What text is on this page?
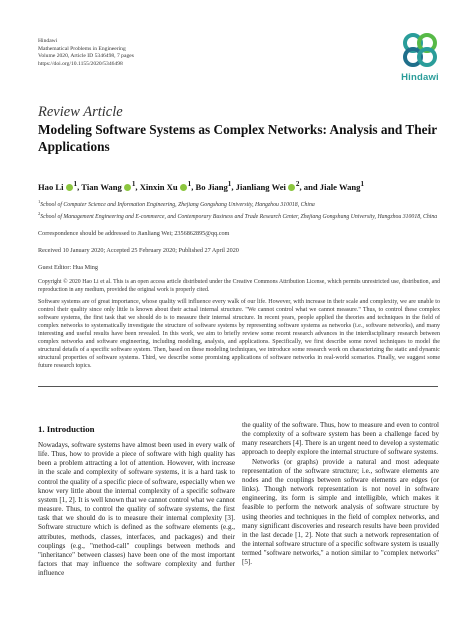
Hindawi
Mathematical Problems in Engineering
Volume 2020, Article ID 5346498, 7 pages
https://doi.org/10.1155/2020/5346498
Hindawi
Review Article
Modeling Software Systems as Complex Networks: Analysis and Their Applications
Hao Li $^1$, Tian Wang $^1$, Xinxin Xu $^1$, Bo Jiang$^1$, Jianliang Wei $^2$, and Jiale Wang$^1$
$^1$School of Computer Science and Information Engineering, Zhejiang Gongshang University, Hangzhou 310018, China
$^2$School of Management Engineering and E-commerce, and Contemporary Business and Trade Research Center, Zhejiang Gongshang University, Hangzhou 310018, China
Correspondence should be addressed to Jianliang Wei; 2356862895@qq.com
Received 10 January 2020; Accepted 25 February 2020; Published 27 April 2020
Guest Editor: Hua Ming
Copyright © 2020 Hao Li et al. This is an open access article distributed under the Creative Commons Attribution License, which permits unrestricted use, distribution, and reproduction in any medium, provided the original work is properly cited.
Software systems are of great importance, whose quality will influence every walk of our life. However, with increase in their scale and complexity, we are unable to control their quality since only little is known about their actual internal structure. "We cannot control what we cannot measure." Thus, to control these complex software systems, the first task that we should do is to measure their internal structure. In recent years, people applied the theories and techniques in the field of complex networks to systematically investigate the structure of software systems by representing software systems as networks (i.e., software networks), and many interesting and useful results have been revealed. In this work, we aim to briefly review some recent research advances in the interdisciplinary research between complex networks and software engineering, including modeling, analysis, and applications. Specifically, we first describe some novel techniques to model the structural details of a specific software system. Then, based on these modeling techniques, we introduce some research work on characterizing the static and dynamic structural properties of software systems. Third, we describe some promising applications of software networks in real-world scenarios. Finally, we suggest some future research topics.
1. Introduction

Nowadays, software systems have almost been used in every walk of life. Thus, how to provide a piece of software with high quality has been a problem attracting a lot of attention. However, with increase in the scale and complexity of software systems, it is a hard task to control the quality of a specific piece of software, especially when we know very little about the internal complexity of a specific software system [1, 2]. It is well known that we cannot control what we cannot measure. Thus, to control the quality of software systems, the first task that we should do is to measure their internal complexity [3]. Software structure which is defined as the software elements (e.g., attributes, methods, classes, interfaces, and packages) and their couplings (e.g., "method-call" couplings between methods and "inheritance" between classes) have been one of the most important factors that may influence the software complexity and further influence

the quality of the software. Thus, how to measure and even to control the complexity of a software system has been a challenge faced by many researchers [4]. There is an urgent need to develop a systematic approach to deeply explore the internal structure of software systems.

Networks (or graphs) provide a natural and most adequate representation of the software structure; i.e., software elements are nodes and the couplings between software elements are edges (or links). Though network representation is not novel in software engineering, its form is simple and intelligible, which makes it feasible to perform the network analysis of software structure by using theories and techniques in the field of complex networks, and many significant discoveries and research results have been provided in the last decade [1, 2]. Note that such a network representation of the internal software structure of a specific software system is usually termed "software networks," a notion similar to "complex networks" [5].
